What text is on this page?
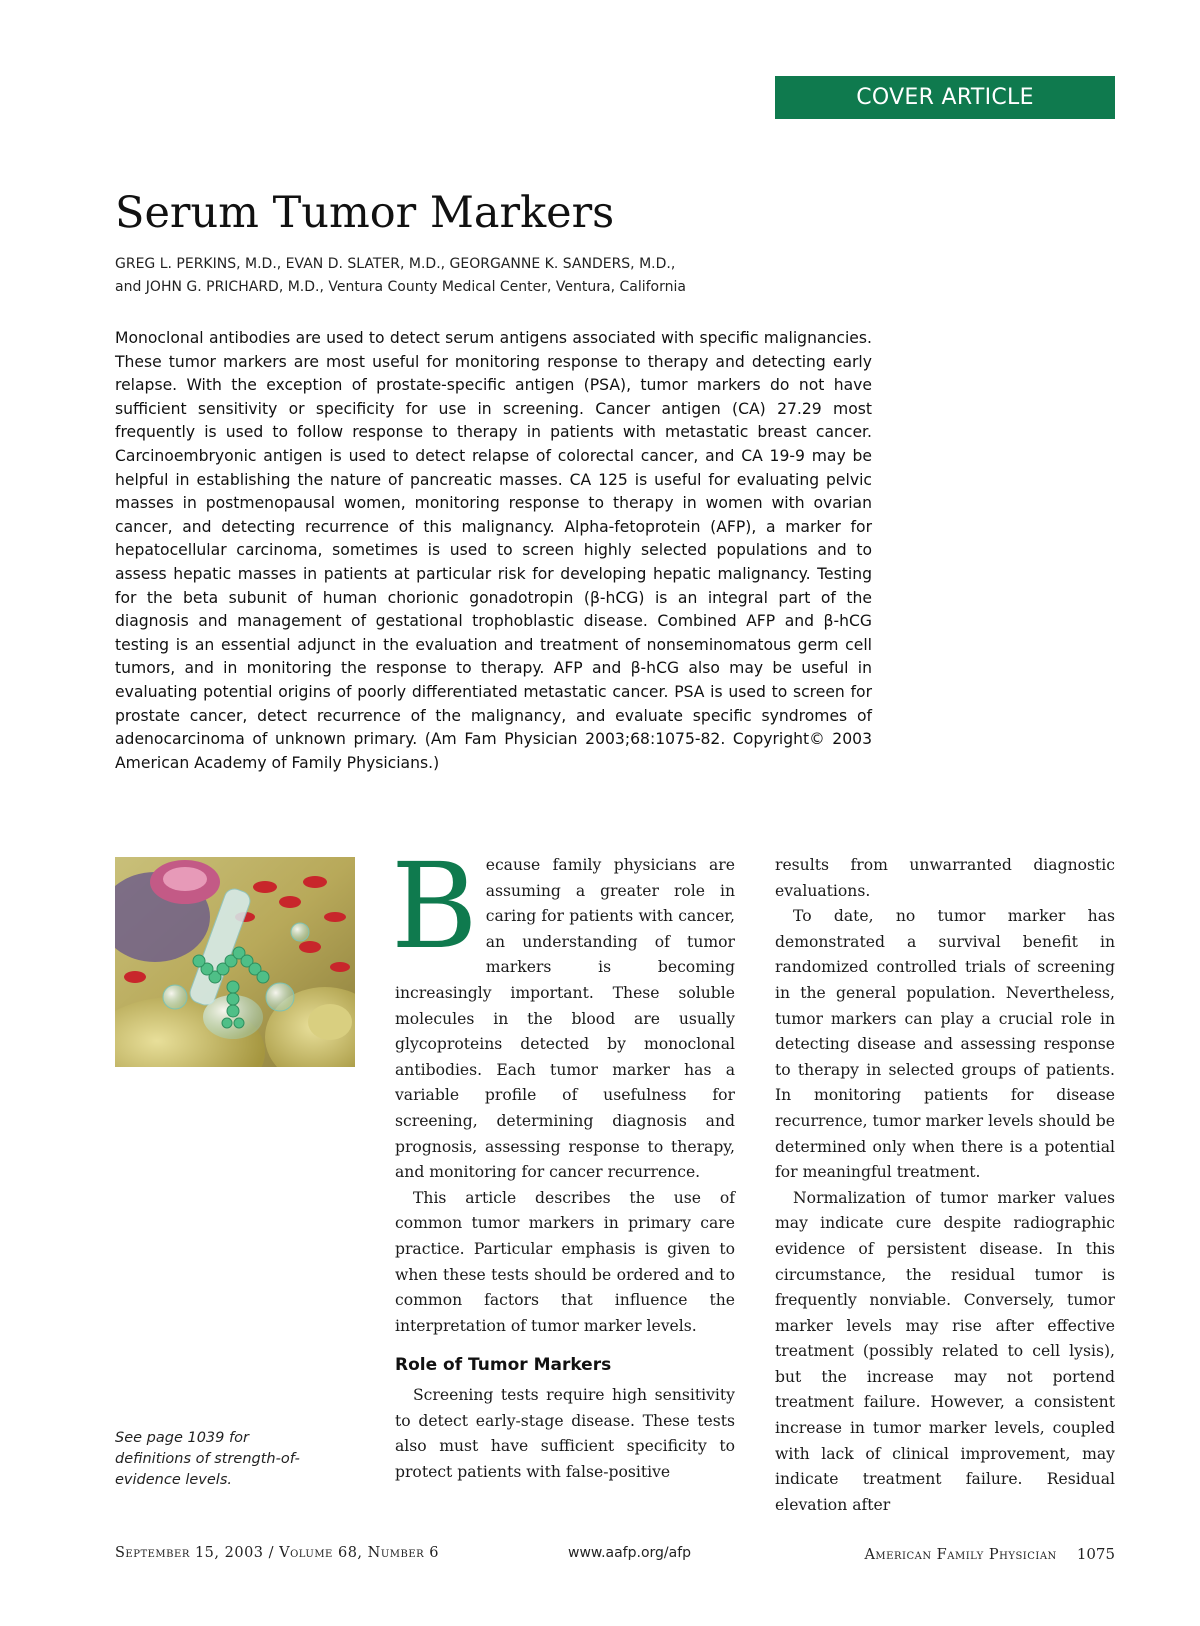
COVER ARTICLE
Serum Tumor Markers
GREG L. PERKINS, M.D., EVAN D. SLATER, M.D., GEORGANNE K. SANDERS, M.D.,
and JOHN G. PRICHARD, M.D., Ventura County Medical Center, Ventura, California

Monoclonal antibodies are used to detect serum antigens associated with specific malignancies. These tumor markers are most useful for monitoring response to therapy and detecting early relapse. With the exception of prostate-specific antigen (PSA), tumor markers do not have sufficient sensitivity or specificity for use in screening. Cancer antigen (CA) 27.29 most frequently is used to follow response to therapy in patients with metastatic breast cancer. Carcinoembryonic antigen is used to detect relapse of colorectal cancer, and CA 19-9 may be helpful in establishing the nature of pancreatic masses. CA 125 is useful for evaluating pelvic masses in postmenopausal women, monitoring response to therapy in women with ovarian cancer, and detecting recurrence of this malignancy. Alpha-fetoprotein (AFP), a marker for hepatocellular carcinoma, sometimes is used to screen highly selected populations and to assess hepatic masses in patients at particular risk for developing hepatic malignancy. Testing for the beta subunit of human chorionic gonadotropin (β-hCG) is an integral part of the diagnosis and management of gestational trophoblastic disease. Combined AFP and β-hCG testing is an essential adjunct in the evaluation and treatment of nonseminomatous germ cell tumors, and in monitoring the response to therapy. AFP and β-hCG also may be useful in evaluating potential origins of poorly differentiated metastatic cancer. PSA is used to screen for prostate cancer, detect recurrence of the malignancy, and evaluate specific syndromes of adenocarcinoma of unknown primary. (Am Fam Physician 2003;68:1075-82. Copyright© 2003 American Academy of Family Physicians.)

See page 1039 for definitions of strength-of-evidence levels.

Because family physicians are assuming a greater role in caring for patients with cancer, an understanding of tumor markers is becoming increasingly important. These soluble molecules in the blood are usually glycoproteins detected by monoclonal antibodies. Each tumor marker has a variable profile of usefulness for screening, determining diagnosis and prognosis, assessing response to therapy, and monitoring for cancer recurrence.

This article describes the use of common tumor markers in primary care practice. Particular emphasis is given to when these tests should be ordered and to common factors that influence the interpretation of tumor marker levels.

Role of Tumor Markers

Screening tests require high sensitivity to detect early-stage disease. These tests also must have sufficient specificity to protect patients with false-positive

results from unwarranted diagnostic evaluations.

To date, no tumor marker has demonstrated a survival benefit in randomized controlled trials of screening in the general population. Nevertheless, tumor markers can play a crucial role in detecting disease and assessing response to therapy in selected groups of patients. In monitoring patients for disease recurrence, tumor marker levels should be determined only when there is a potential for meaningful treatment.

Normalization of tumor marker values may indicate cure despite radiographic evidence of persistent disease. In this circumstance, the residual tumor is frequently nonviable. Conversely, tumor marker levels may rise after effective treatment (possibly related to cell lysis), but the increase may not portend treatment failure. However, a consistent increase in tumor marker levels, coupled with lack of clinical improvement, may indicate treatment failure. Residual elevation after

September 15, 2003 / Volume 68, Number 6	www.aafp.org/afp	American Family Physician 1075
